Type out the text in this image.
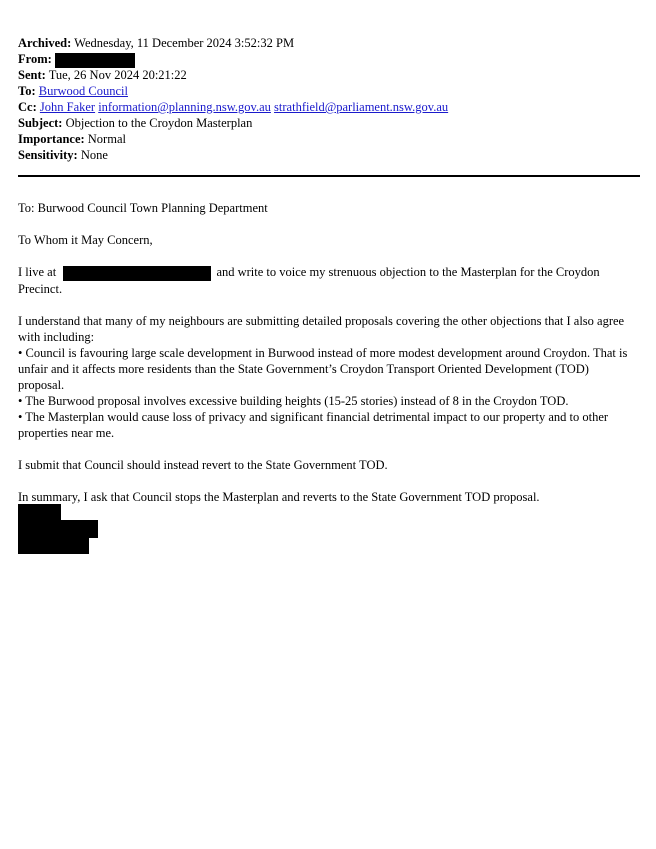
Archived: Wednesday, 11 December 2024 3:52:32 PM
From:
Sent: Tue, 26 Nov 2024 20:21:22
To: Burwood Council
Cc: John Faker information@planning.nsw.gov.au strathfield@parliament.nsw.gov.au
Subject: Objection to the Croydon Masterplan
Importance: Normal
Sensitivity: None

To: Burwood Council Town Planning Department

To Whom it May Concern,

I live at	and write to voice my strenuous objection to the Masterplan for the Croydon
Precinct.

I understand that many of my neighbours are submitting detailed proposals covering the other objections that I also agree with including:
• Council is favouring large scale development in Burwood instead of more modest development around Croydon. That is unfair and it affects more residents than the State Government’s Croydon Transport Oriented Development (TOD) proposal.
• The Burwood proposal involves excessive building heights (15-25 stories) instead of 8 in the Croydon TOD.
• The Masterplan would cause loss of privacy and significant financial detrimental impact to our property and to other properties near me.

I submit that Council should instead revert to the State Government TOD.

In summary, I ask that Council stops the Masterplan and reverts to the State Government TOD proposal.
